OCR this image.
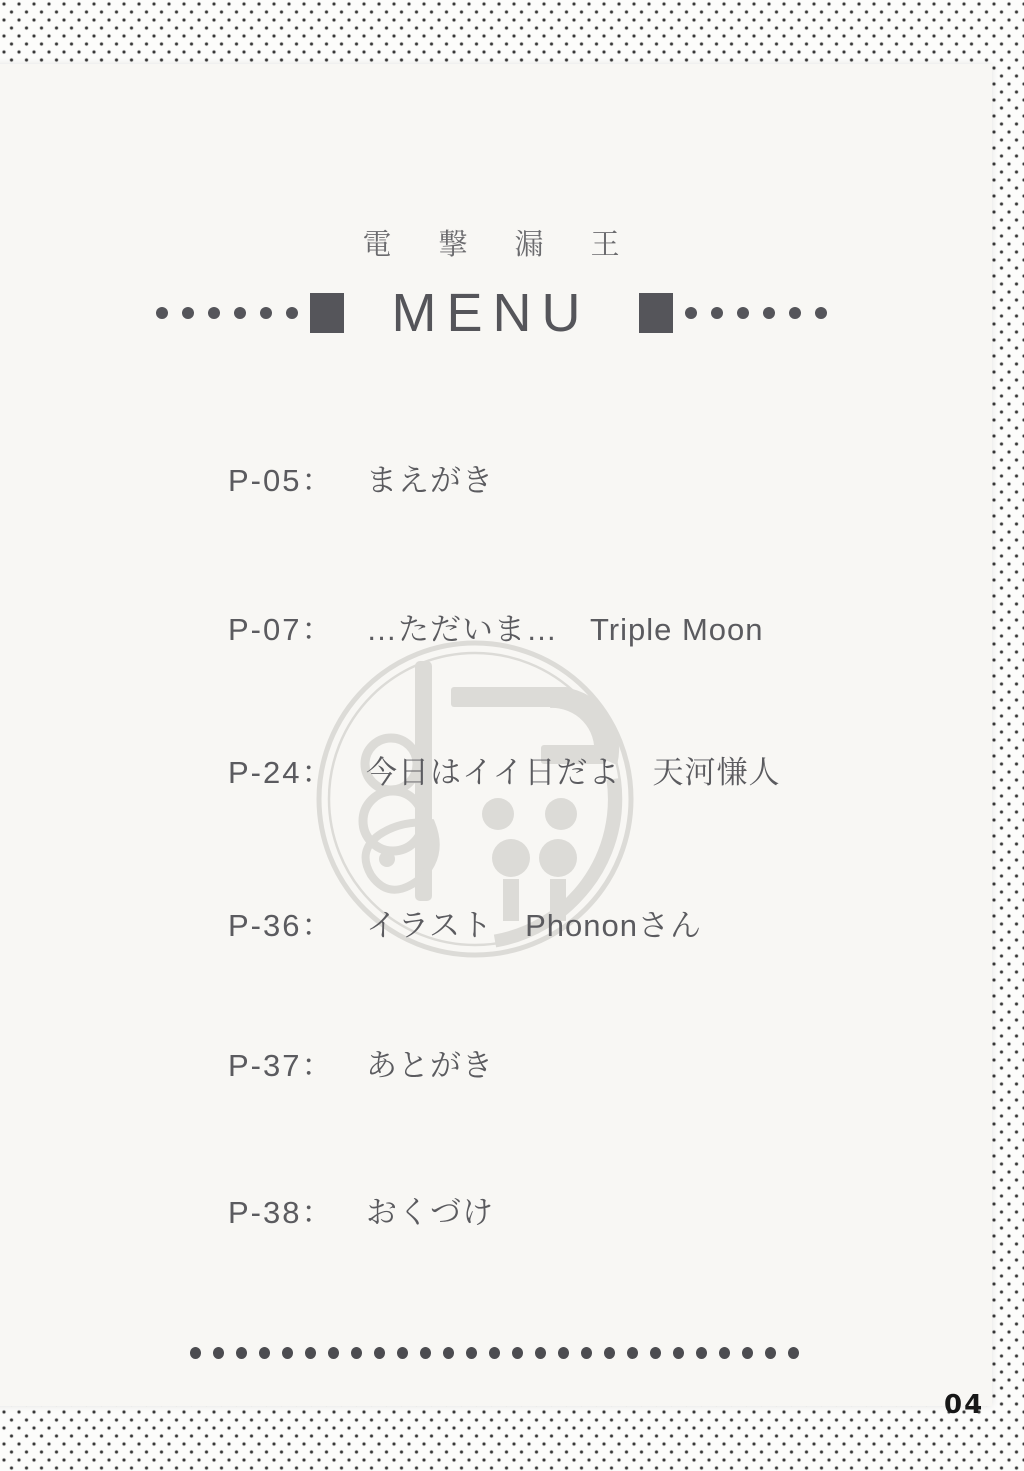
電撃漏王
MENU
P-05：	まえがき
P-07：	…ただいま…　Triple Moon
P-24：	今日はイイ日だよ　天河慊人
P-36：	イラスト　Phononさん
P-37：	あとがき
P-38：	おくづけ
04
